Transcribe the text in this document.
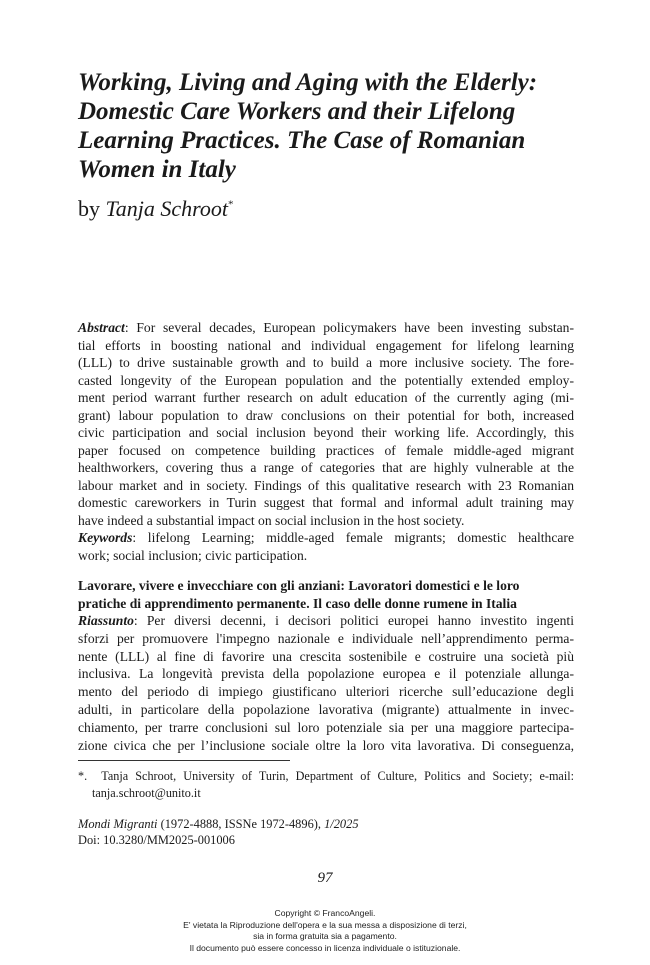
Working, Living and Aging with the Elderly:
Domestic Care Workers and their Lifelong
Learning Practices. The Case of Romanian
Women in Italy
by Tanja Schroot*
Abstract: For several decades, European policymakers have been investing substan-
tial efforts in boosting national and individual engagement for lifelong learning
(LLL) to drive sustainable growth and to build a more inclusive society. The fore-
casted longevity of the European population and the potentially extended employ-
ment period warrant further research on adult education of the currently aging (mi-
grant) labour population to draw conclusions on their potential for both, increased
civic participation and social inclusion beyond their working life. Accordingly, this
paper focused on competence building practices of female middle-aged migrant
healthworkers, covering thus a range of categories that are highly vulnerable at the
labour market and in society. Findings of this qualitative research with 23 Romanian
domestic careworkers in Turin suggest that formal and informal adult training may
have indeed a substantial impact on social inclusion in the host society.
Keywords: lifelong Learning; middle-aged female migrants; domestic healthcare
work; social inclusion; civic participation.
Lavorare, vivere e invecchiare con gli anziani: Lavoratori domestici e le loro
pratiche di apprendimento permanente. Il caso delle donne rumene in Italia
Riassunto: Per diversi decenni, i decisori politici europei hanno investito ingenti
sforzi per promuovere l'impegno nazionale e individuale nell’apprendimento perma-
nente (LLL) al fine di favorire una crescita sostenibile e costruire una società più
inclusiva. La longevità prevista della popolazione europea e il potenziale allunga-
mento del periodo di impiego giustificano ulteriori ricerche sull’educazione degli
adulti, in particolare della popolazione lavorativa (migrante) attualmente in invec-
chiamento, per trarre conclusioni sul loro potenziale sia per una maggiore partecipa-
zione civica che per l’inclusione sociale oltre la loro vita lavorativa. Di conseguenza,
*. Tanja Schroot, University of Turin, Department of Culture, Politics and Society; e-mail:
tanja.schroot@unito.it
Mondi Migranti (1972-4888, ISSNe 1972-4896), 1/2025
Doi: 10.3280/MM2025-001006
97
Copyright © FrancoAngeli.
E' vietata la Riproduzione dell'opera e la sua messa a disposizione di terzi,
sia in forma gratuita sia a pagamento.
Il documento può essere concesso in licenza individuale o istituzionale.
